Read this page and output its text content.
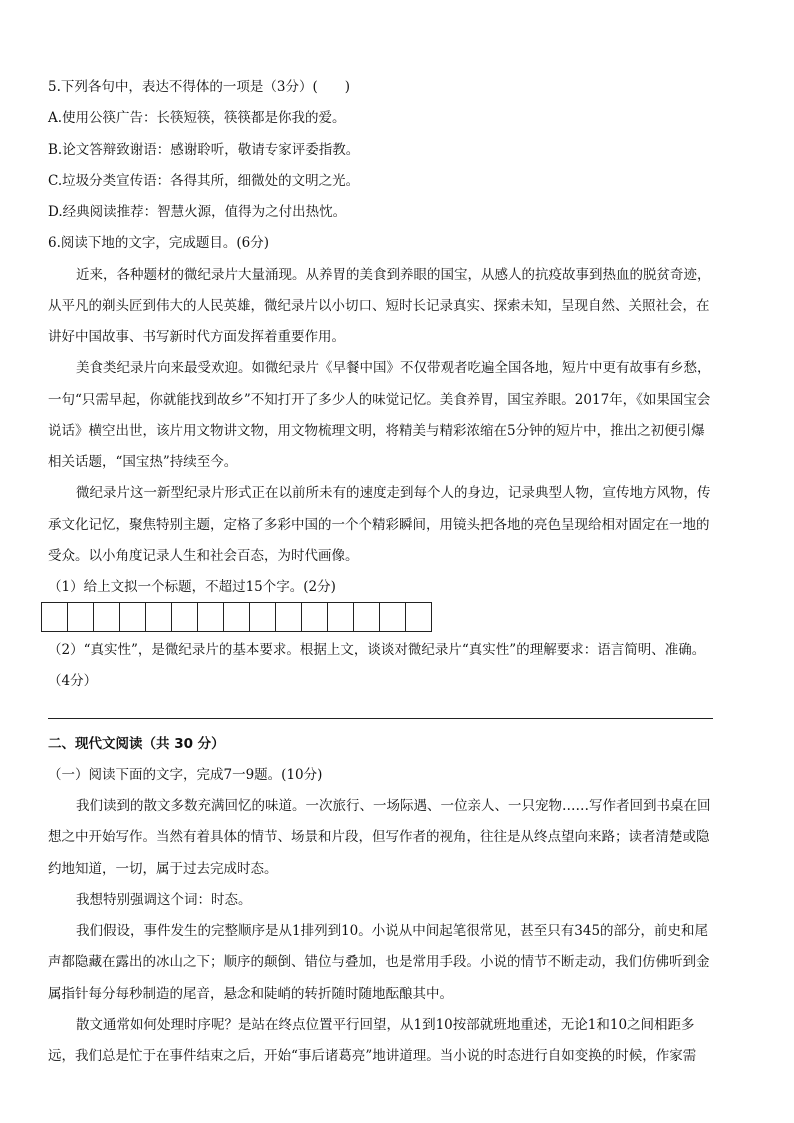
5.下列各句中，表达不得体的一项是（3分）(　　)
A.使用公筷广告：长筷短筷，筷筷都是你我的爱。
B.论文答辩致谢语：感谢聆听，敬请专家评委指教。
C.垃圾分类宣传语：各得其所，细微处的文明之光。
D.经典阅读推荐：智慧火源，值得为之付出热忱。
6.阅读下地的文字，完成题目。(6分)
近来，各种题材的微纪录片大量涌现。从养胃的美食到养眼的国宝，从感人的抗疫故事到热血的脱贫奇迹，
从平凡的剃头匠到伟大的人民英雄，微纪录片以小切口、短时长记录真实、探索未知，呈现自然、关照社会，在
讲好中国故事、书写新时代方面发挥着重要作用。
美食类纪录片向来最受欢迎。如微纪录片《早餐中国》不仅带观者吃遍全国各地，短片中更有故事有乡愁，
一句“只需早起，你就能找到故乡”不知打开了多少人的味觉记忆。美食养胃，国宝养眼。2017年，《如果国宝会
说话》横空出世，该片用文物讲文物，用文物梳理文明，将精美与精彩浓缩在5分钟的短片中，推出之初便引爆
相关话题，“国宝热”持续至今。
微纪录片这一新型纪录片形式正在以前所未有的速度走到每个人的身边，记录典型人物，宣传地方风物，传
承文化记忆，聚焦特别主题，定格了多彩中国的一个个精彩瞬间，用镜头把各地的亮色呈现给相对固定在一地的
受众。以小角度记录人生和社会百态，为时代画像。
（1）给上文拟一个标题，不超过15个字。(2分)
（2）“真实性”，是微纪录片的基本要求。根据上文，谈谈对微纪录片“真实性”的理解要求：语言简明、准确。
（4分）
二、现代文阅读（共 30 分）
（一）阅读下面的文字，完成7一9题。(10分)
我们读到的散文多数充满回忆的味道。一次旅行、一场际遇、一位亲人、一只宠物……写作者回到书桌在回
想之中开始写作。当然有着具体的情节、场景和片段，但写作者的视角，往往是从终点望向来路；读者清楚或隐
约地知道，一切，属于过去完成时态。
我想特别强调这个词：时态。
我们假设，事件发生的完整顺序是从1排列到10。小说从中间起笔很常见，甚至只有345的部分，前史和尾
声都隐藏在露出的冰山之下；顺序的颠倒、错位与叠加，也是常用手段。小说的情节不断走动，我们仿佛听到金
属指针每分每秒制造的尾音，悬念和陡峭的转折随时随地酝酿其中。
散文通常如何处理时序呢？是站在终点位置平行回望，从1到10按部就班地重述，无论1和10之间相距多
远，我们总是忙于在事件结束之后，开始“事后诸葛亮”地讲道理。当小说的时态进行自如变换的时候，作家需
